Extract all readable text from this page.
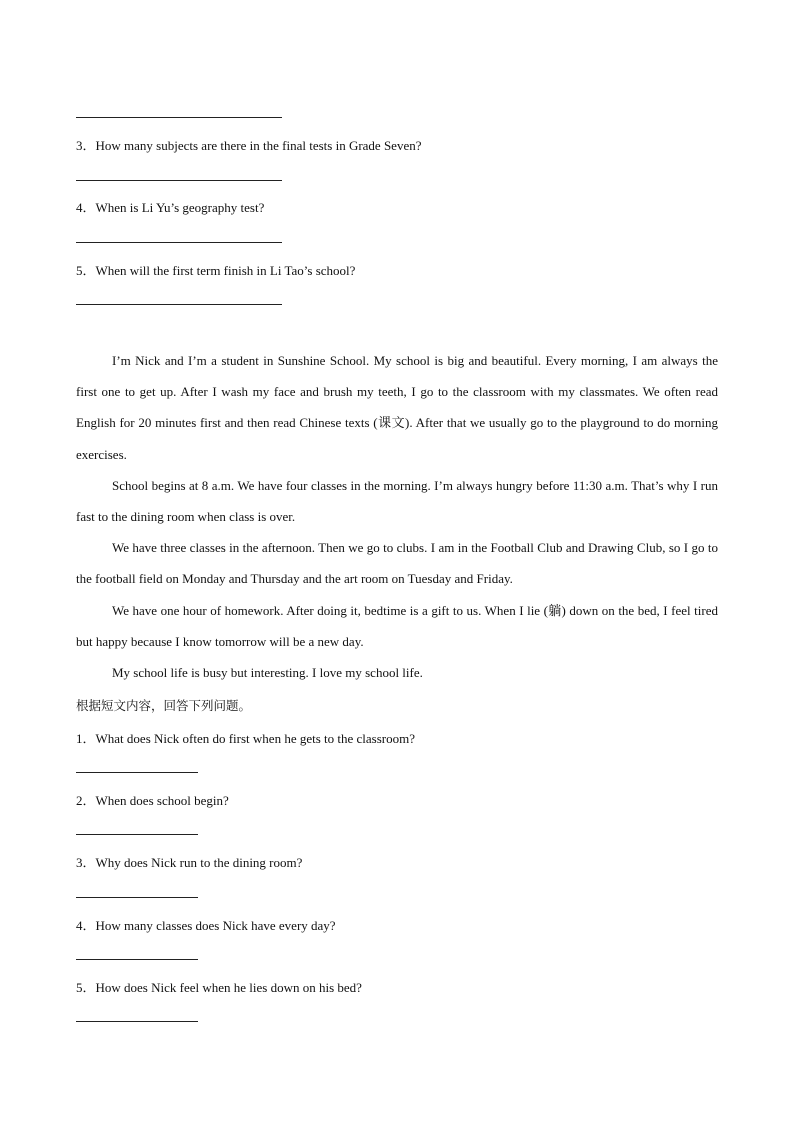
3．How many subjects are there in the final tests in Grade Seven?
4．When is Li Yu’s geography test?
5．When will the first term finish in Li Tao’s school?

I’m Nick and I’m a student in Sunshine School. My school is big and beautiful. Every morning, I am always the first one to get up. After I wash my face and brush my teeth, I go to the classroom with my classmates. We often read English for 20 minutes first and then read Chinese texts (课文). After that we usually go to the playground to do morning exercises.

School begins at 8 a.m. We have four classes in the morning. I’m always hungry before 11:30 a.m. That’s why I run fast to the dining room when class is over.

We have three classes in the afternoon. Then we go to clubs. I am in the Football Club and Drawing Club, so I go to the football field on Monday and Thursday and the art room on Tuesday and Friday.

We have one hour of homework. After doing it, bedtime is a gift to us. When I lie (躺) down on the bed, I feel tired but happy because I know tomorrow will be a new day.

My school life is busy but interesting. I love my school life.

根据短文内容，回答下列问题。
1．What does Nick often do first when he gets to the classroom?
2．When does school begin?
3．Why does Nick run to the dining room?
4．How many classes does Nick have every day?
5．How does Nick feel when he lies down on his bed?
